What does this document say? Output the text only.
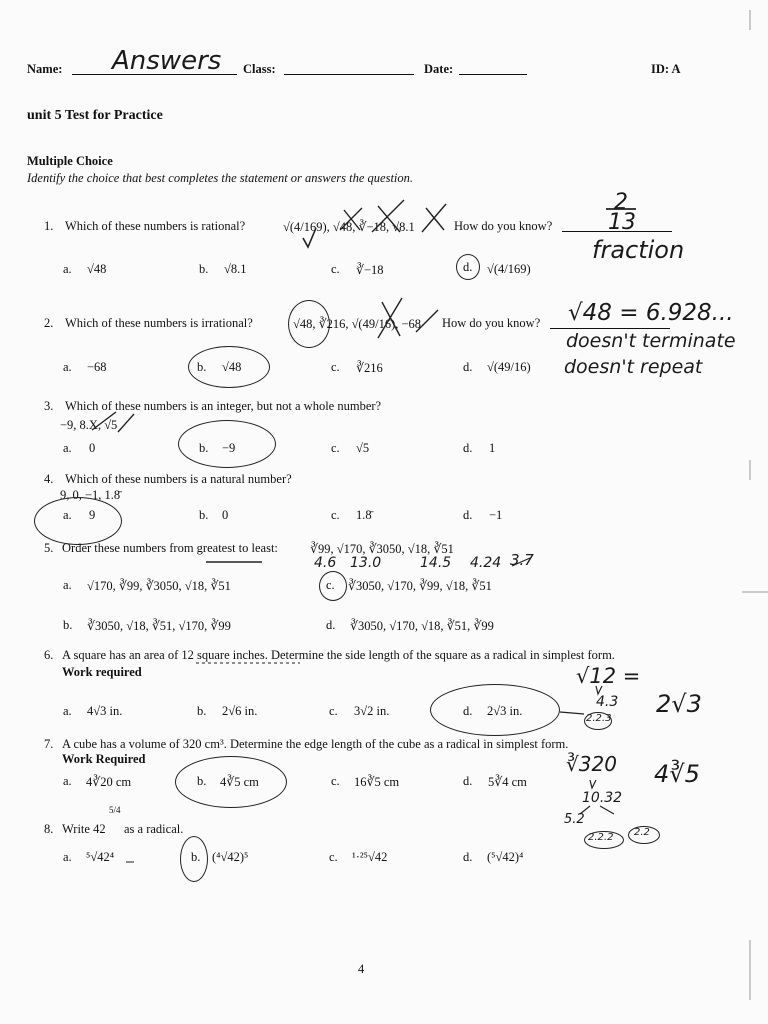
Name: Answers Class:	Date:	ID: A
unit 5 Test for Practice
Multiple Choice
Identify the choice that best completes the statement or answers the question.
1. Which of these numbers is rational?	√(4/169), √48, ∛−18, √8.1	How do you know?
a. √48	b. √8.1	c. ∛−18	d. √(4/169)
2
13
fraction
2. Which of these numbers is irrational?	√48, ∛216, √(49/16), −68 How do you know?
a. −68	b. √48	c. ∛216	d. √(49/16)
√48 = 6.928...
doesn't terminate
doesn't repeat
3. Which of these numbers is an integer, but not a whole number?
−9, 8.X, √5
a. 0	b. −9	c. √5	d. 1
4. Which of these numbers is a natural number?
9, 0, −1, 1.8̄
a. 9	b. 0	c. 1.8̄	d. −1
5. Order these numbers from greatest to least:	∛99, √170, ∛3050, √18, ∛51
4.6 13.0	14.5 4.24 3.7
a. √170, ∛99, ∛3050, √18, ∛51	c. ∛3050, √170, ∛99, √18, ∛51
b. ∛3050, √18, ∛51, √170, ∛99	d. ∛3050, √170, √18, ∛51, ∛99
6. A square has an area of 12 square inches. Determine the side length of the square as a radical in simplest form.
Work required
a. 4√3 in.	b. 2√6 in.	c. 3√2 in.	d. 2√3 in.
√12 =
4.3
2.2.3
2√3
7. A cube has a volume of 320 cm³. Determine the edge length of the cube as a radical in simplest form.
Work Required
a. 4∛20 cm	b. 4∛5 cm	c. 16∛5 cm	d. 5∛4 cm
∛320
10.32
5.2
2.2.2 2.2
4∛5
8. Write 42
5/4
as a radical.
a. ⁵√42⁴	b. (⁴√42)⁵	c. ¹·²⁵√42	d. (⁵√42)⁴
4
